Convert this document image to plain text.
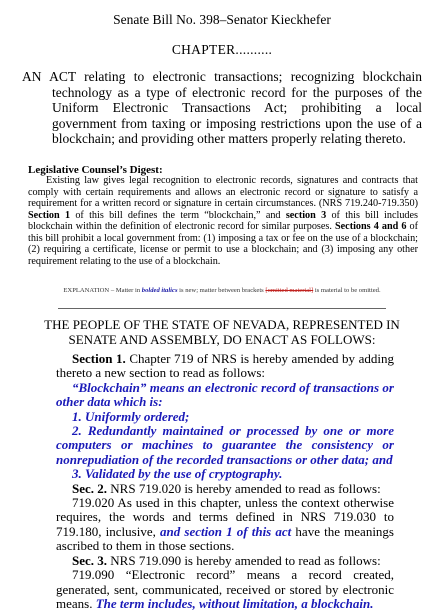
Senate Bill No. 398–Senator Kieckhefer
CHAPTER..........
AN ACT relating to electronic transactions; recognizing blockchain technology as a type of electronic record for the purposes of the Uniform Electronic Transactions Act; prohibiting a local government from taxing or imposing restrictions upon the use of a blockchain; and providing other matters properly relating thereto.
Legislative Counsel’s Digest:
Existing law gives legal recognition to electronic records, signatures and contracts that comply with certain requirements and allows an electronic record or signature to satisfy a requirement for a written record or signature in certain circumstances. (NRS 719.240-719.350) Section 1 of this bill defines the term “blockchain,” and section 3 of this bill includes blockchain within the definition of electronic record for similar purposes. Sections 4 and 6 of this bill prohibit a local government from: (1) imposing a tax or fee on the use of a blockchain; (2) requiring a certificate, license or permit to use a blockchain; and (3) imposing any other requirement relating to the use of a blockchain.
EXPLANATION – Matter in bolded italics is new; matter between brackets [omitted material] is material to be omitted.
THE PEOPLE OF THE STATE OF NEVADA, REPRESENTED IN SENATE AND ASSEMBLY, DO ENACT AS FOLLOWS:

Section 1. Chapter 719 of NRS is hereby amended by adding thereto a new section to read as follows:

“Blockchain” means an electronic record of transactions or other data which is:

1. Uniformly ordered;

2. Redundantly maintained or processed by one or more computers or machines to guarantee the consistency or nonrepudiation of the recorded transactions or other data; and

3. Validated by the use of cryptography.

Sec. 2. NRS 719.020 is hereby amended to read as follows:

719.020 As used in this chapter, unless the context otherwise requires, the words and terms defined in NRS 719.030 to 719.180, inclusive, and section 1 of this act have the meanings ascribed to them in those sections.

Sec. 3. NRS 719.090 is hereby amended to read as follows:

719.090 “Electronic record” means a record created, generated, sent, communicated, received or stored by electronic means. The term includes, without limitation, a blockchain.
